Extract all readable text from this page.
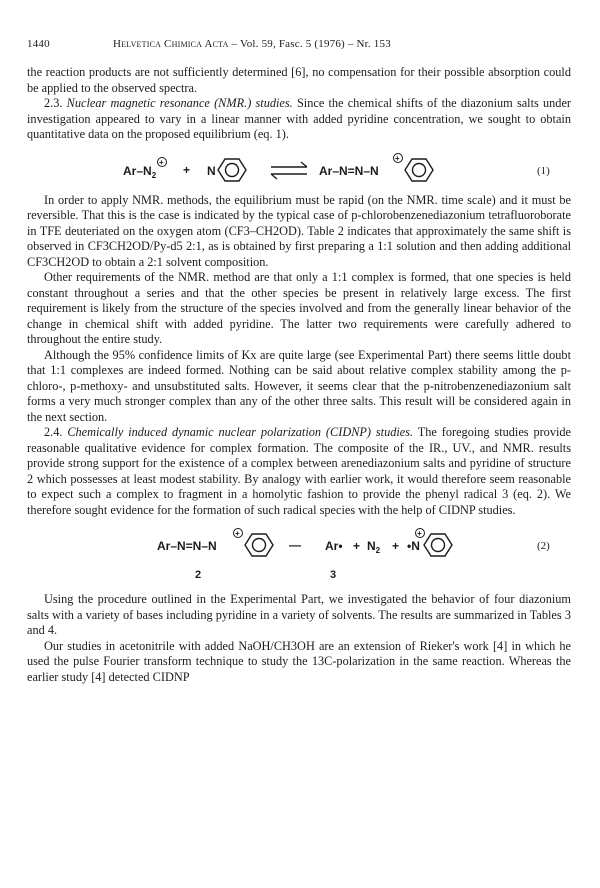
1440	Helvetica Chimica Acta – Vol. 59, Fasc. 5 (1976) – Nr. 153

the reaction products are not sufficiently determined [6], no compensation for their possible absorption could be applied to the observed spectra.

2.3. Nuclear magnetic resonance (NMR.) studies. Since the chemical shifts of the diazonium salts under investigation appeared to vary in a linear manner with added pyridine concentration, we sought to obtain quantitative data on the proposed equilibrium (eq. 1).

$Ar-N_2$
+
+ N	Ar–N=N–N
+
(1)

In order to apply NMR. methods, the equilibrium must be rapid (on the NMR. time scale) and it must be reversible. That this is the case is indicated by the typical case of p-chlorobenzenediazonium tetrafluoroborate in TFE deuteriated on the oxygen atom (CF3–CH2OD). Table 2 indicates that approximately the same shift is observed in CF3CH2OD/Py-d5 2:1, as is obtained by first preparing a 1:1 solution and then adding additional CF3CH2OD to obtain a 2:1 solvent composition.

Other requirements of the NMR. method are that only a 1:1 complex is formed, that one species is held constant throughout a series and that the other species be present in relatively large excess. The first requirement is likely from the structure of the species involved and from the generally linear behavior of the change in chemical shift with added pyridine. The latter two requirements were carefully adhered to throughout the entire study.

Although the 95% confidence limits of Kx are quite large (see Experimental Part) there seems little doubt that 1:1 complexes are indeed formed. Nothing can be said about relative complex stability among the p-chloro-, p-methoxy- and unsubstituted salts. However, it seems clear that the p-nitrobenzenediazonium salt forms a very much stronger complex than any of the other three salts. This result will be considered again in the next section.

2.4. Chemically induced dynamic nuclear polarization (CIDNP) studies. The foregoing studies provide reasonable qualitative evidence for complex formation. The composite of the IR., UV., and NMR. results provide strong support for the existence of a complex between arenediazonium salts and pyridine of structure 2 which possesses at least modest stability. By analogy with earlier work, it would therefore seem reasonable to expect such a complex to fragment in a homolytic fashion to provide the phenyl radical 3 (eq. 2). We therefore sought evidence for the formation of such radical species with the help of CIDNP studies.

Ar–N=N–N
+
— Ar• + $N_2$ + •N
+
2	3
(2)

Using the procedure outlined in the Experimental Part, we investigated the behavior of four diazonium salts with a variety of bases including pyridine in a variety of solvents. The results are summarized in Tables 3 and 4.

Our studies in acetonitrile with added NaOH/CH3OH are an extension of Rieker's work [4] in which he used the pulse Fourier transform technique to study the 13C-polarization in the same reaction. Whereas the earlier study [4] detected CIDNP
